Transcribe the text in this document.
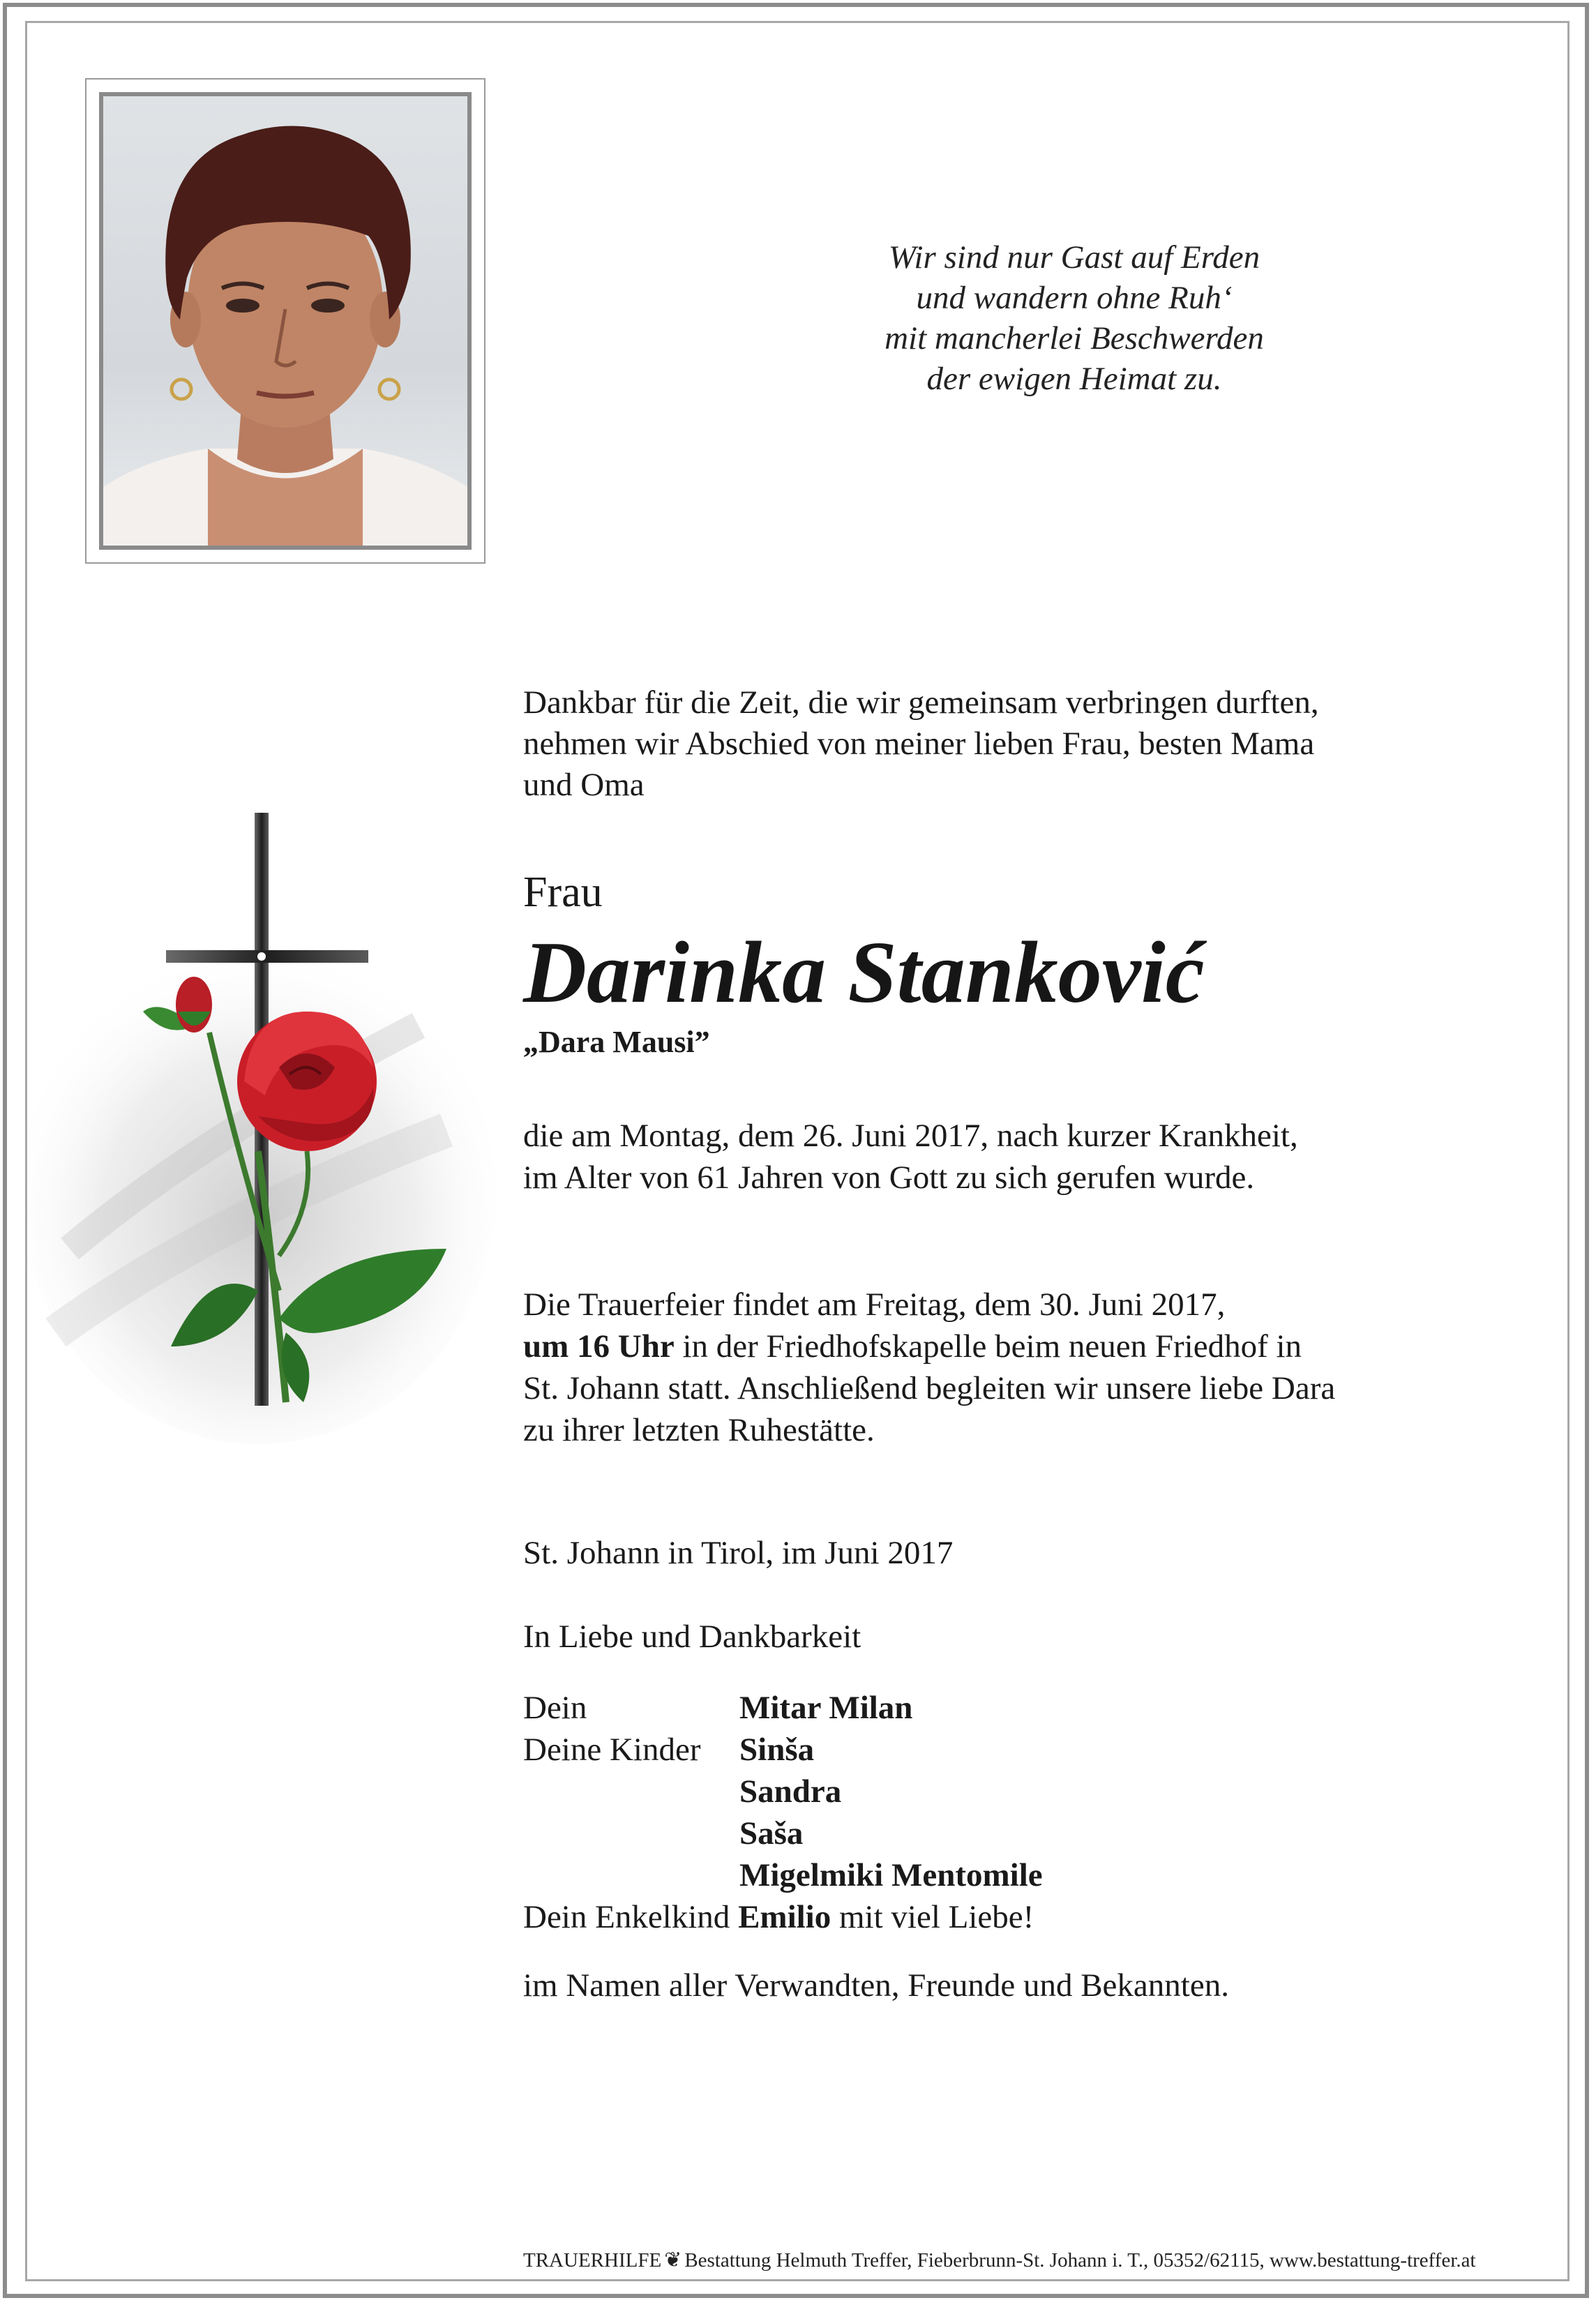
Wir sind nur Gast auf Erden
und wandern ohne Ruh‘
mit mancherlei Beschwerden
der ewigen Heimat zu.
Dankbar für die Zeit, die wir gemeinsam verbringen durften,
nehmen wir Abschied von meiner lieben Frau, besten Mama
und Oma
Frau
Darinka Stanković
„Dara Mausi”
die am Montag, dem 26. Juni 2017, nach kurzer Krankheit,
im Alter von 61 Jahren von Gott zu sich gerufen wurde.
Die Trauerfeier findet am Freitag, dem 30. Juni 2017,
um 16 Uhr in der Friedhofskapelle beim neuen Friedhof in
St. Johann statt. Anschließend begleiten wir unsere liebe Dara
zu ihrer letzten Ruhestätte.
St. Johann in Tirol, im Juni 2017
In Liebe und Dankbarkeit
Dein	Mitar Milan
Deine Kinder Sinša
Sandra
Saša
Migelmiki Mentomile
Dein Enkelkind Emilio mit viel Liebe!
im Namen aller Verwandten, Freunde und Bekannten.
TRAUERHILFE ❦ Bestattung Helmuth Treffer, Fieberbrunn-St. Johann i. T., 05352/62115, www.bestattung-treffer.at
